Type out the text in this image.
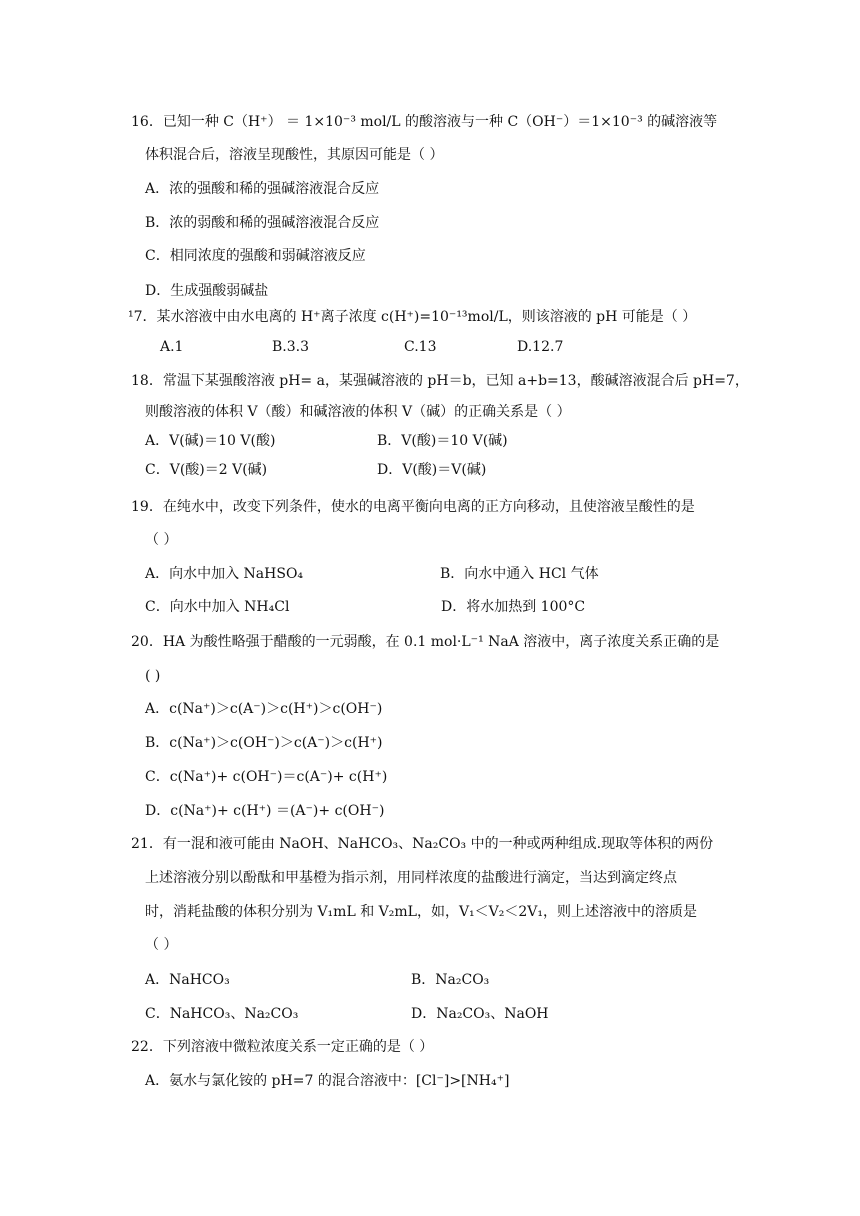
16．已知一种 C（H⁺） ＝ 1×10⁻³ mol/L 的酸溶液与一种 C（OH⁻）＝1×10⁻³ 的碱溶液等
体积混合后，溶液呈现酸性，其原因可能是（ ）
A．浓的强酸和稀的强碱溶液混合反应
B．浓的弱酸和稀的强碱溶液混合反应
C．相同浓度的强酸和弱碱溶液反应
D．生成强酸弱碱盐
¹7．某水溶液中由水电离的 H⁺离子浓度 c(H⁺)=10⁻¹³mol/L，则该溶液的 pH 可能是（ ）
A.1	B.3.3	C.13	D.12.7
18．常温下某强酸溶液 pH= a，某强碱溶液的 pH＝b，已知 a+b=13，酸碱溶液混合后 pH=7，
则酸溶液的体积 V（酸）和碱溶液的体积 V（碱）的正确关系是（ ）
A．V(碱)＝10 V(酸)	B．V(酸)＝10 V(碱)
C．V(酸)＝2 V(碱)	D．V(酸)＝V(碱)
19．在纯水中，改变下列条件，使水的电离平衡向电离的正方向移动，且使溶液呈酸性的是
（ ）
A．向水中加入 NaHSO₄	B．向水中通入 HCl 气体
C．向水中加入 NH₄Cl	D．将水加热到 100°C
20．HA 为酸性略强于醋酸的一元弱酸，在 0.1 mol·L⁻¹ NaA 溶液中，离子浓度关系正确的是
( )
A．c(Na⁺)＞c(A⁻)＞c(H⁺)＞c(OH⁻)
B．c(Na⁺)＞c(OH⁻)＞c(A⁻)＞c(H⁺)
C．c(Na⁺)+ c(OH⁻)＝c(A⁻)+ c(H⁺)
D．c(Na⁺)+ c(H⁺) ＝(A⁻)+ c(OH⁻)
21．有一混和液可能由 NaOH、NaHCO₃、Na₂CO₃ 中的一种或两种组成.现取等体积的两份
上述溶液分别以酚酞和甲基橙为指示剂，用同样浓度的盐酸进行滴定，当达到滴定终点
时，消耗盐酸的体积分别为 V₁mL 和 V₂mL，如，V₁＜V₂＜2V₁，则上述溶液中的溶质是
（ ）
A．NaHCO₃	B．Na₂CO₃
C．NaHCO₃、Na₂CO₃	D．Na₂CO₃、NaOH
22．下列溶液中微粒浓度关系一定正确的是（ ）
A．氨水与氯化铵的 pH=7 的混合溶液中：[Cl⁻]>[NH₄⁺]
